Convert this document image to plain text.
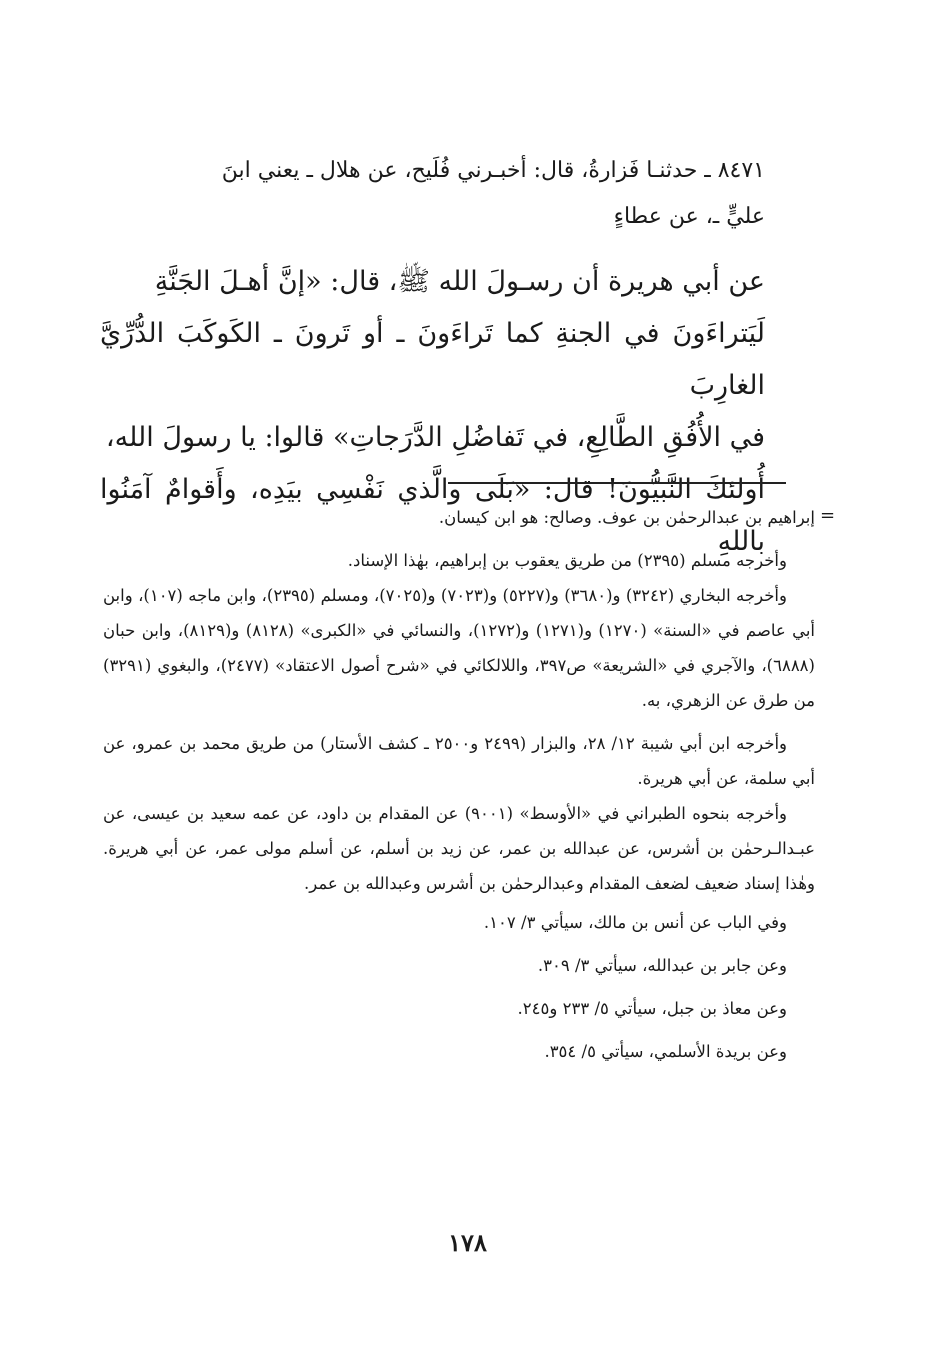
٨٤٧١ ـ حدثنـا فَزارةُ، قال: أخبـرني فُلَيح، عن هلال ـ يعني ابنَ

عليٍّ ـ، عن عطاءٍ

عن أبي هريرة أن رسـولَ الله ﷺ، قال: «إنَّ أهـلَ الجَنَّةِ

لَيَتراءَونَ في الجنةِ كما تَراءَونَ ـ أو تَرونَ ـ الكَوكَبَ الدُّرِّيَّ الغارِبَ

في الأُفُقِ الطَّالِعِ، في تَفاضُلِ الدَّرَجاتِ» قالوا: يا رسولَ الله،

أُولئكَ النَّبيُّونَ! قال: «بَلَى والَّذي نَفْسِي بيَدِه، وأَقوامٌ آمَنُوا باللهِ

=

إبراهيم بن عبدالرحمٰن بن عوف. وصالح: هو ابن كيسان.

وأخرجه مسلم (٢٣٩٥) من طريق يعقوب بن إبراهيم، بهٰذا الإسناد.

وأخرجه البخاري (٣٢٤٢) و(٣٦٨٠) و(٥٢٢٧) و(٧٠٢٣) و(٧٠٢٥)، ومسلم (٢٣٩٥)، وابن ماجه (١٠٧)، وابن أبي عاصم في «السنة» (١٢٧٠) و(١٢٧١) و(١٢٧٢)، والنسائي في «الكبرى» (٨١٢٨) و(٨١٢٩)، وابن حبان (٦٨٨٨)، والآجري في «الشريعة» ص٣٩٧، واللالكائي في «شرح أصول الاعتقاد» (٢٤٧٧)، والبغوي (٣٢٩١) من طرق عن الزهري، به.

وأخرجه ابن أبي شيبة ١٢/ ٢٨، والبزار (٢٤٩٩ و٢٥٠٠ ـ كشف الأستار) من طريق محمد بن عمرو، عن أبي سلمة، عن أبي هريرة.

وأخرجه بنحوه الطبراني في «الأوسط» (٩٠٠١) عن المقدام بن داود، عن عمه سعيد بن عيسى، عن عبـدالـرحمٰن بن أشرس، عن عبدالله بن عمر، عن زيد بن أسلم، عن أسلم مولى عمر، عن أبي هريرة. وهٰذا إسناد ضعيف لضعف المقدام وعبدالرحمٰن بن أشرس وعبدالله بن عمر.

وفي الباب عن أنس بن مالك، سيأتي ٣/ ١٠٧.
وعن جابر بن عبدالله، سيأتي ٣/ ٣٠٩.
وعن معاذ بن جبل، سيأتي ٥/ ٢٣٣ و٢٤٥.
وعن بريدة الأسلمي، سيأتي ٥/ ٣٥٤.
١٧٨
